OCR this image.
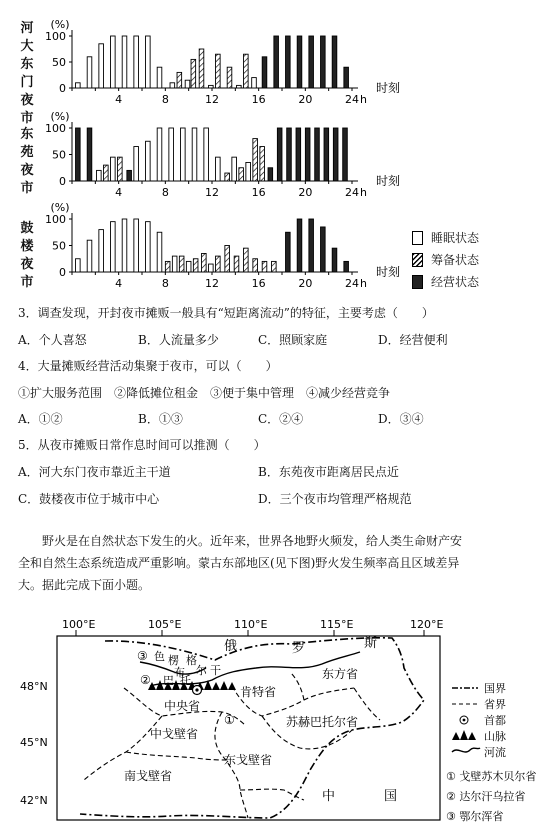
河大东门夜市
东苑夜市
鼓楼夜市
100
50
0
4	8	12	16	20	24 h
时刻
(%)
100
50
0
4	8	12	16	20	24 h
时刻
(%)
100
50
0
4	8	12	16	20	24 h
时刻
(%)
睡眠状态
筹备状态
经营状态
3．调查发现，开封夜市摊贩一般具有“短距离流动”的特征，主要考虑（　　）
A．个人喜怒	B．人流量多少	C．照顾家庭	D．经营便利
4．大量摊贩经营活动集聚于夜市，可以（　　）
①扩大服务范围　②降低摊位租金　③便于集中管理　④减少经营竞争
A．①②	B．①③	C．②④	D．③④
5．从夜市摊贩日常作息时间可以推测（　　）
A．河大东门夜市靠近主干道	B．东苑夜市距离居民点近
C．鼓楼夜市位于城市中心	D．三个夜市均管理严格规范
野火是在自然状态下发生的火。近年来，世界各地野火频发，给人类生命财产安
全和自然生态系统造成严重影响。蒙古东部地区(见下图)野火发生频率高且区域差异
大。据此完成下面小题。
100°E	105°E	110°E	115°E	120°E
48°N
45°N
42°N
俄	罗	斯
中	国
色 楞 格
布 尔 干
巴 托
③
②
①
中央省
肯特省
东方省
中戈壁省
苏赫巴托尔省
东戈壁省
南戈壁省
国界
省界
首都
山脉
河流
① 戈壁苏木贝尔省
② 达尔汗乌拉省
③ 鄂尔浑省
